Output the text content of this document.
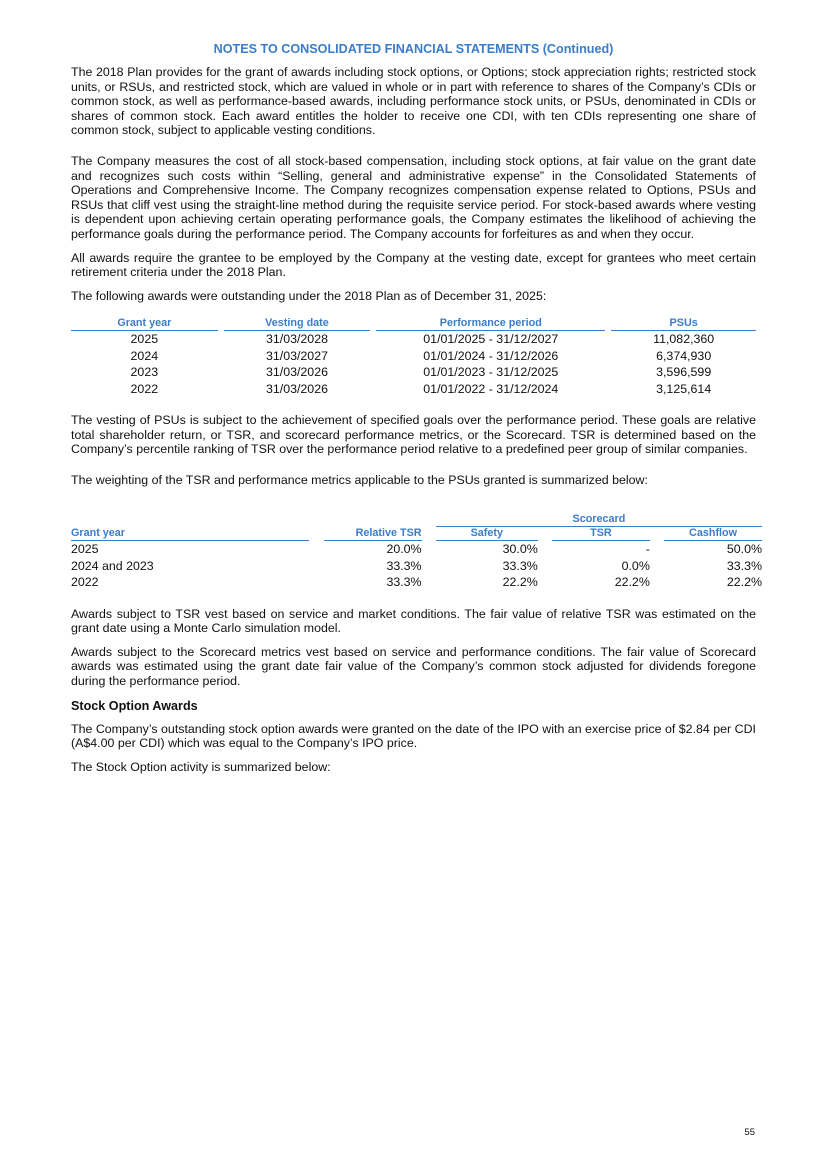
NOTES TO CONSOLIDATED FINANCIAL STATEMENTS (Continued)

The 2018 Plan provides for the grant of awards including stock options, or Options; stock appreciation rights; restricted stock units, or RSUs, and restricted stock, which are valued in whole or in part with reference to shares of the Company’s CDIs or common stock, as well as performance-based awards, including performance stock units, or PSUs, denominated in CDIs or shares of common stock. Each award entitles the holder to receive one CDI, with ten CDIs representing one share of common stock, subject to applicable vesting conditions.

The Company measures the cost of all stock-based compensation, including stock options, at fair value on the grant date and recognizes such costs within “Selling, general and administrative expense” in the Consolidated Statements of Operations and Comprehensive Income. The Company recognizes compensation expense related to Options, PSUs and RSUs that cliff vest using the straight-line method during the requisite service period. For stock-based awards where vesting is dependent upon achieving certain operating performance goals, the Company estimates the likelihood of achieving the performance goals during the performance period. The Company accounts for forfeitures as and when they occur.

All awards require the grantee to be employed by the Company at the vesting date, except for grantees who meet certain retirement criteria under the 2018 Plan.

The following awards were outstanding under the 2018 Plan as of December 31, 2025:

Grant year		Vesting date		Performance period		PSUs
2025		31/03/2028		01/01/2025 - 31/12/2027		11,082,360
2024		31/03/2027		01/01/2024 - 31/12/2026		6,374,930
2023		31/03/2026		01/01/2023 - 31/12/2025		3,596,599
2022		31/03/2026		01/01/2022 - 31/12/2024		3,125,614

The vesting of PSUs is subject to the achievement of specified goals over the performance period. These goals are relative total shareholder return, or TSR, and scorecard performance metrics, or the Scorecard. TSR is determined based on the Company’s percentile ranking of TSR over the performance period relative to a predefined peer group of similar companies.

The weighting of the TSR and performance metrics applicable to the PSUs granted is summarized below:

				Scorecard				
Grant year		Relative TSR		Safety		TSR		Cashflow
2025		20.0%		30.0%		-		50.0%
2024 and 2023		33.3%		33.3%		0.0%		33.3%
2022		33.3%		22.2%		22.2%		22.2%

Awards subject to TSR vest based on service and market conditions. The fair value of relative TSR was estimated on the grant date using a Monte Carlo simulation model.

Awards subject to the Scorecard metrics vest based on service and performance conditions. The fair value of Scorecard awards was estimated using the grant date fair value of the Company’s common stock adjusted for dividends foregone during the performance period.

Stock Option Awards

The Company’s outstanding stock option awards were granted on the date of the IPO with an exercise price of $2.84 per CDI (A$4.00 per CDI) which was equal to the Company’s IPO price.

The Stock Option activity is summarized below:

55
